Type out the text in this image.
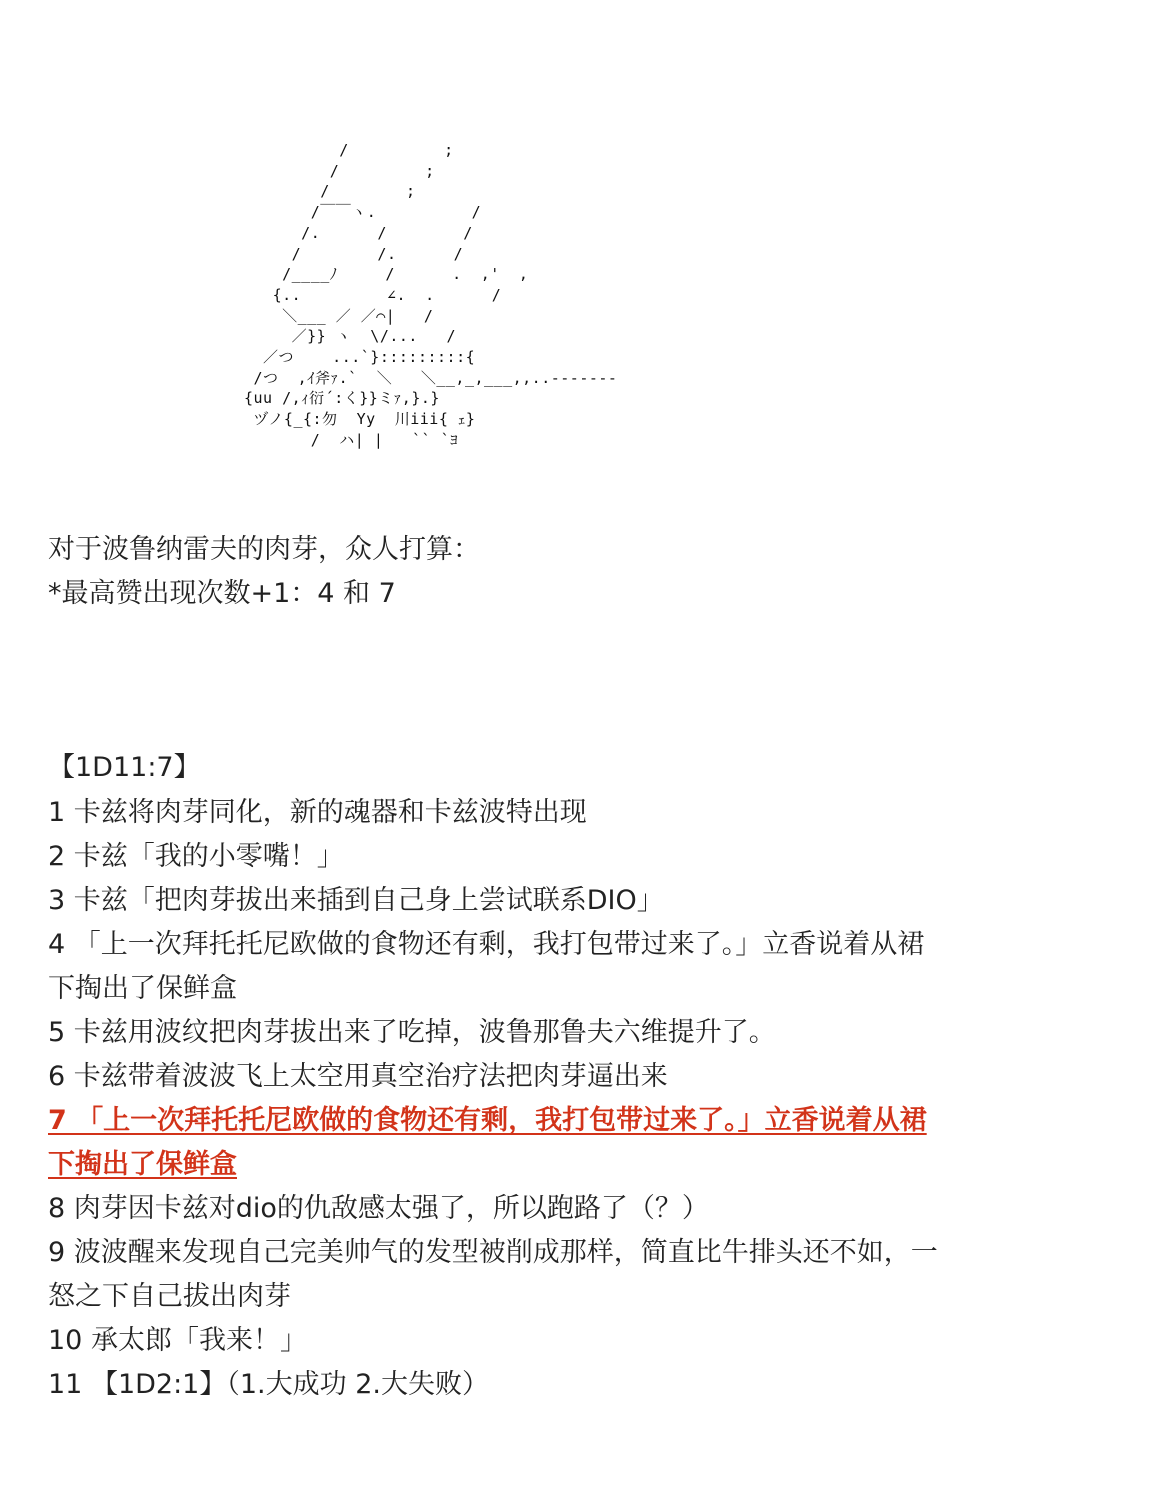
/          ;
/         ;
/        ;
/￣￣ヽ.          /
/.      /        /
/        /.      /
/____ﾉ     /      .  ,'  ,
{..         ∠.  .      /
＼___ ／ ／⌒|   /
／}} ヽ  \/...   /
／つ    ...`}:::::::::{
/つ  ,ｲ斧ｧ.`  ＼   ＼__,_,___,,..-------
{uu /,ｨ衍´:く}}ミｧ,}.}
ヅノ{_{:勿  Yy  川iii{ ｪ}
/  ハ| |   `` `ﾖ
对于波鲁纳雷夫的肉芽，众人打算：
*最高赞出现次数+1：4 和 7
【1D11:7】
1 卡兹将肉芽同化，新的魂器和卡兹波特出现
2 卡兹「我的小零嘴！」
3 卡兹「把肉芽拔出来插到自己身上尝试联系DIO」
4 「上一次拜托托尼欧做的食物还有剩，我打包带过来了。」立香说着从裙
下掏出了保鲜盒
5 卡兹用波纹把肉芽拔出来了吃掉，波鲁那鲁夫六维提升了。
6 卡兹带着波波飞上太空用真空治疗法把肉芽逼出来
7 「上一次拜托托尼欧做的食物还有剩，我打包带过来了。」立香说着从裙
下掏出了保鲜盒
8 肉芽因卡兹对dio的仇敌感太强了，所以跑路了（？）
9 波波醒来发现自己完美帅气的发型被削成那样，简直比牛排头还不如，一
怒之下自己拔出肉芽
10 承太郎「我来！」
11 【1D2:1】（1.大成功 2.大失败）
